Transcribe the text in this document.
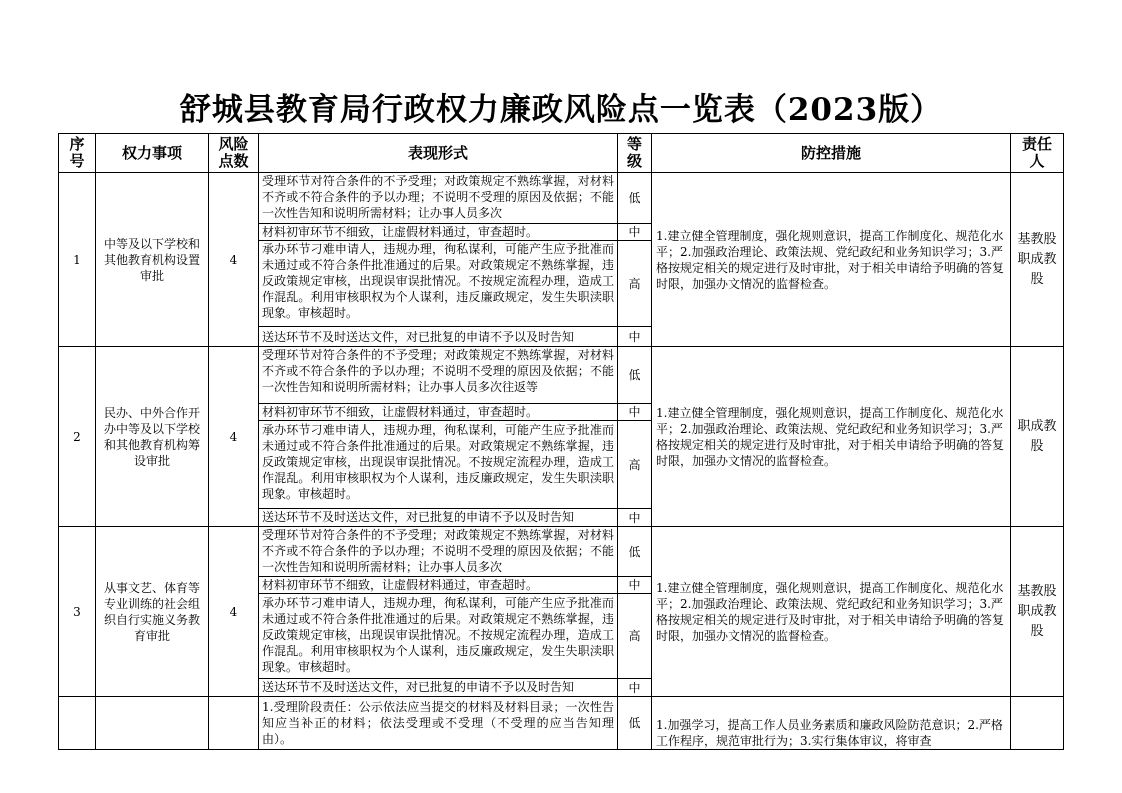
舒城县教育局行政权力廉政风险点一览表（2023版）
序号	权力事项	风险点数	表现形式	等级	防控措施	责任人
1	中等及以下学校和其他教育机构设置审批	4	受理环节对符合条件的不予受理；对政策规定不熟练掌握，对材料不齐或不符合条件的予以办理；不说明不受理的原因及依据；不能一次性告知和说明所需材料；让办事人员多次	低	1.建立健全管理制度，强化规则意识，提高工作制度化、规范化水平；2.加强政治理论、政策法规、党纪政纪和业务知识学习；3.严格按规定相关的规定进行及时审批，对于相关申请给予明确的答复时限，加强办文情况的监督检查。	基教股职成教股

			材料初审环节不细致，让虚假材料通过，审查超时。	中		

			承办环节刁难申请人，违规办理，徇私谋利，可能产生应予批准而未通过或不符合条件批准通过的后果。对政策规定不熟练掌握，违反政策规定审核，出现误审误批情况。不按规定流程办理，造成工作混乱。利用审核职权为个人谋利，违反廉政规定，发生失职渎职现象。审核超时。	高		

			送达环节不及时送达文件，对已批复的申请不予以及时告知	中		
2	民办、中外合作开办中等及以下学校和其他教育机构筹设审批	4	受理环节对符合条件的不予受理；对政策规定不熟练掌握，对材料不齐或不符合条件的予以办理；不说明不受理的原因及依据；不能一次性告知和说明所需材料；让办事人员多次往返等	低	1.建立健全管理制度，强化规则意识，提高工作制度化、规范化水平；2.加强政治理论、政策法规、党纪政纪和业务知识学习；3.严格按规定相关的规定进行及时审批，对于相关申请给予明确的答复时限，加强办文情况的监督检查。	职成教股

			材料初审环节不细致，让虚假材料通过，审查超时。	中		

			承办环节刁难申请人，违规办理，徇私谋利，可能产生应予批准而未通过或不符合条件批准通过的后果。对政策规定不熟练掌握，违反政策规定审核，出现误审误批情况。不按规定流程办理，造成工作混乱。利用审核职权为个人谋利，违反廉政规定，发生失职渎职现象。审核超时。	高		

			送达环节不及时送达文件，对已批复的申请不予以及时告知	中		
3	从事文艺、体育等专业训练的社会组织自行实施义务教育审批	4	受理环节对符合条件的不予受理；对政策规定不熟练掌握，对材料不齐或不符合条件的予以办理；不说明不受理的原因及依据；不能一次性告知和说明所需材料；让办事人员多次	低	1.建立健全管理制度，强化规则意识，提高工作制度化、规范化水平；2.加强政治理论、政策法规、党纪政纪和业务知识学习；3.严格按规定相关的规定进行及时审批，对于相关申请给予明确的答复时限，加强办文情况的监督检查。	基教股职成教股

			材料初审环节不细致，让虚假材料通过，审查超时。	中		

			承办环节刁难申请人，违规办理，徇私谋利，可能产生应予批准而未通过或不符合条件批准通过的后果。对政策规定不熟练掌握，违反政策规定审核，出现误审误批情况。不按规定流程办理，造成工作混乱。利用审核职权为个人谋利，违反廉政规定，发生失职渎职现象。审核超时。	高		

			送达环节不及时送达文件，对已批复的申请不予以及时告知	中		

			1.受理阶段责任：公示依法应当提交的材料及材料目录；一次性告知应当补正的材料；依法受理或不受理（不受理的应当告知理由）。	低	1.加强学习，提高工作人员业务素质和廉政风险防范意识；2.严格工作程序，规范审批行为；3.实行集体审议，将审查	
